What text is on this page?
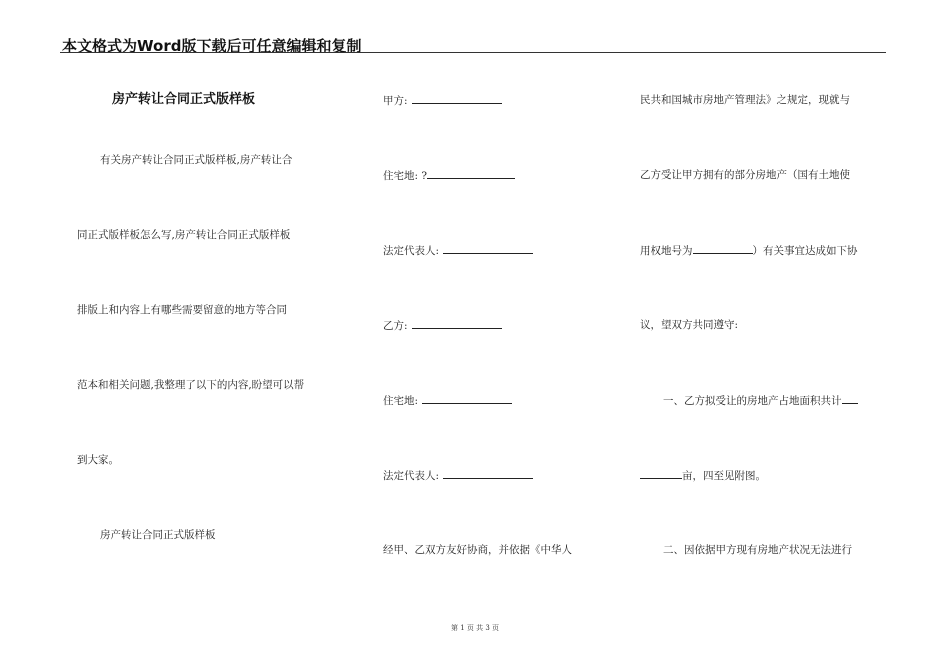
本文格式为Word版下载后可任意编辑和复制
房产转让合同正式版样板
有关房产转让合同正式版样板,房产转让合
同正式版样板怎么写,房产转让合同正式版样板
排版上和内容上有哪些需要留意的地方等合同
范本和相关问题,我整理了以下的内容,盼望可以帮
到大家。
房产转让合同正式版样板
甲方:
住宅地: ?
法定代表人:
乙方:
住宅地:
法定代表人:
经甲、乙双方友好协商，并依据《中华人
民共和国城市房地产管理法》之规定，现就与
乙方受让甲方拥有的部分房地产（国有土地使
用权地号为	）有关事宜达成如下协
议，望双方共同遵守:
一、乙方拟受让的房地产占地面积共计
亩，四至见附图。
二、因依据甲方现有房地产状况无法进行
第 1 页 共 3 页
